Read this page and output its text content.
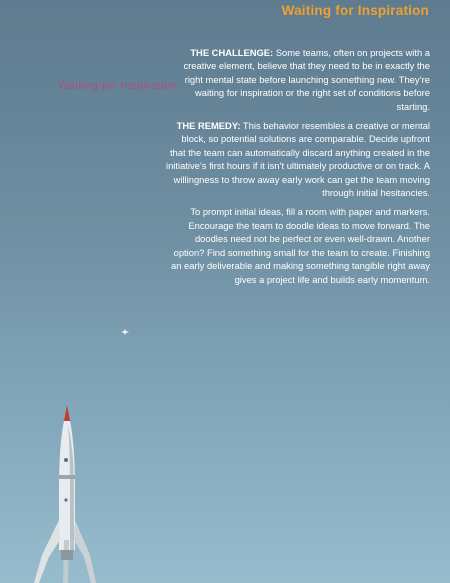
Waiting for Inspiration
Waiting for Inspiration

THE CHALLENGE: Some teams, often on projects with a creative element, believe that they need to be in exactly the right mental state before launching something new. They’re waiting for inspiration or the right set of conditions before starting.

THE REMEDY: This behavior resembles a creative or mental block, so potential solutions are comparable. Decide upfront that the team can automatically discard anything created in the initiative’s first hours if it isn’t ultimately productive or on track. A willingness to throw away early work can get the team moving through initial hesitancies.

To prompt initial ideas, fill a room with paper and markers. Encourage the team to doodle ideas to move forward. The doodles need not be perfect or even well-drawn. Another option? Find something small for the team to create. Finishing an early deliverable and making something tangible right away gives a project life and builds early momentum.
